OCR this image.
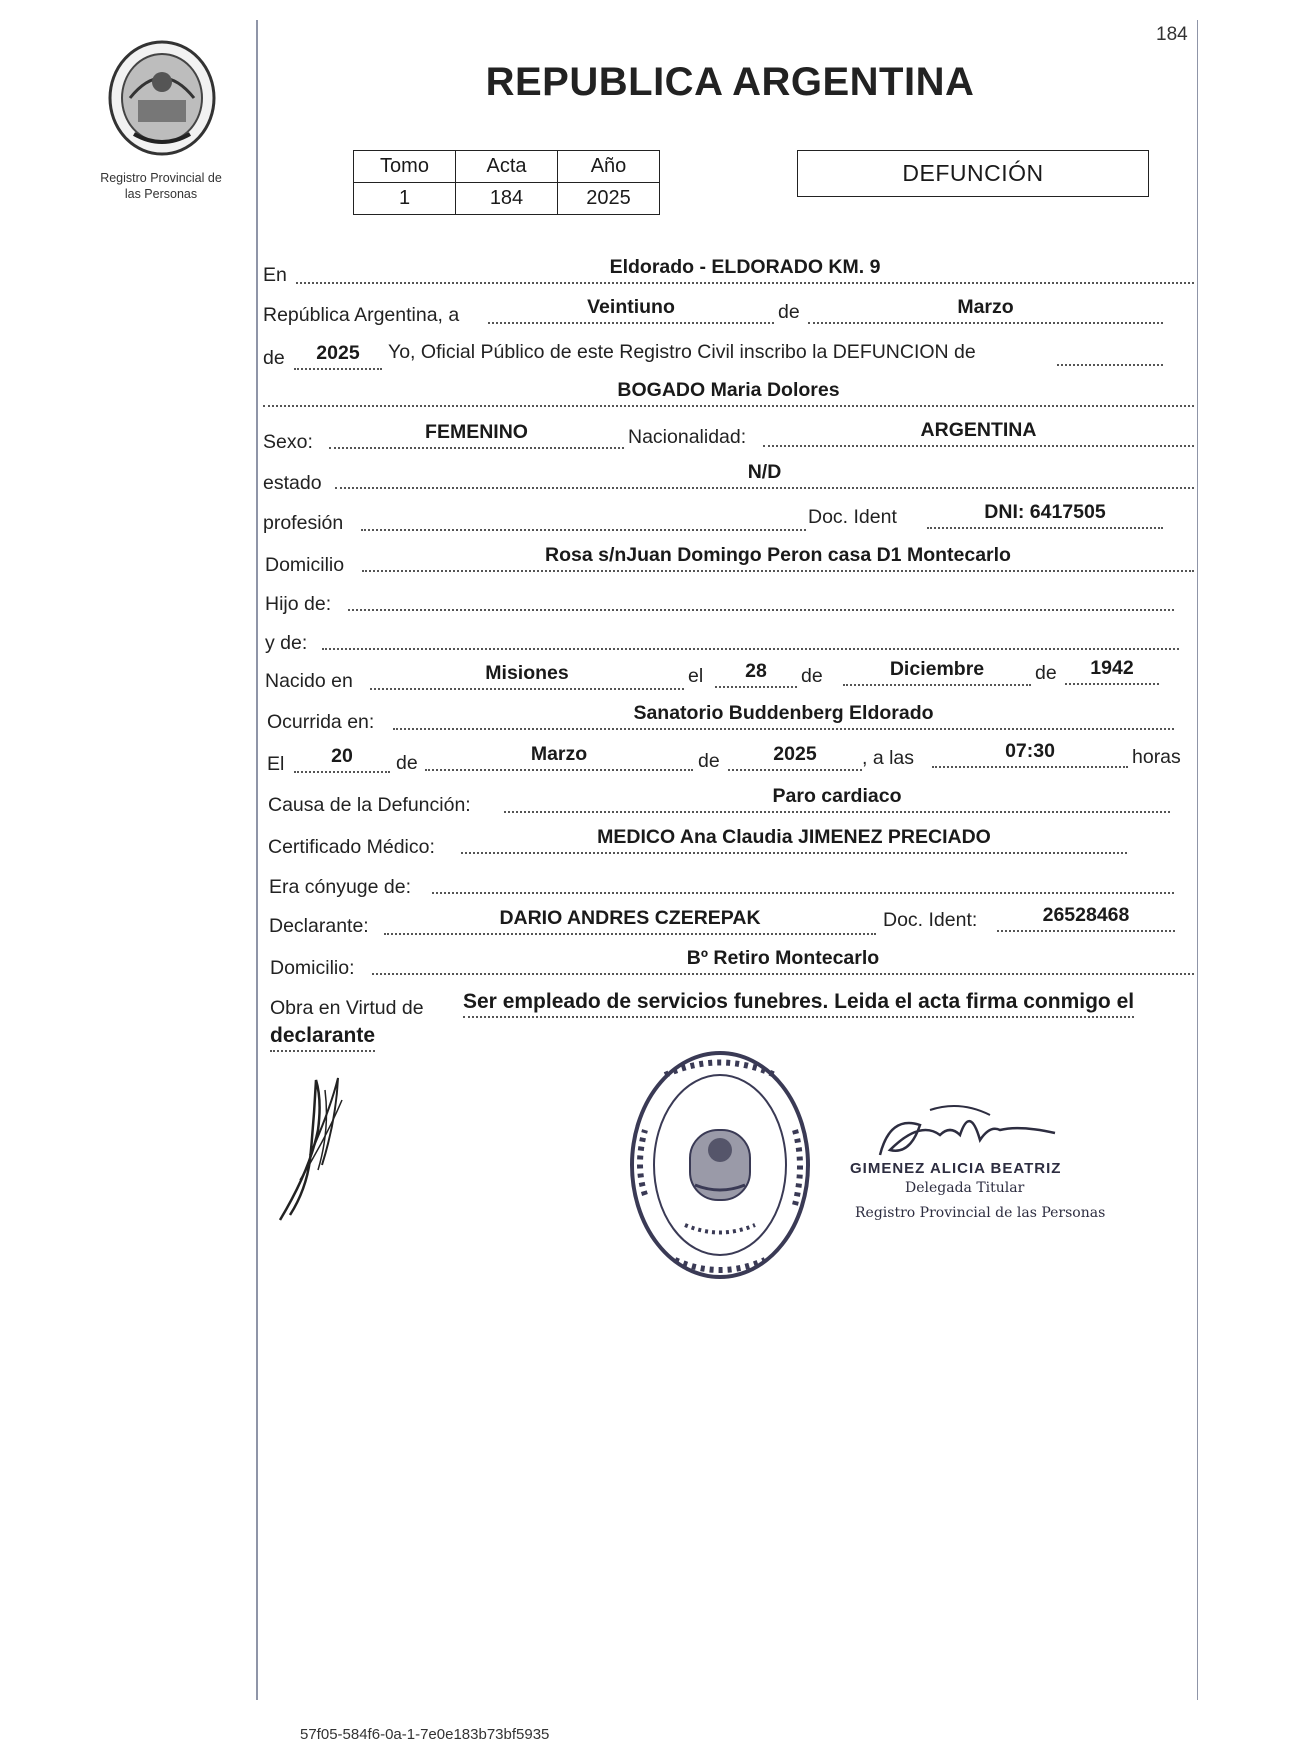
184
Registro Provincial de
las Personas
REPUBLICA ARGENTINA
Tomo	Acta	Año
1	184	2025
DEFUNCIÓN
En	Eldorado - ELDORADO KM. 9
República Argentina, a	Veintiuno	de	Marzo
de	2025	Yo, Oficial Público de este Registro Civil inscribo la DEFUNCION de
BOGADO Maria Dolores
Sexo:	FEMENINO	Nacionalidad:	ARGENTINA
estado	N/D
profesión	Doc. Ident	DNI: 6417505
Domicilio	Rosa s/nJuan Domingo Peron casa D1 Montecarlo
Hijo de:
y de:
Nacido en	Misiones	el	28	de	Diciembre	de	1942
Ocurrida en:	Sanatorio Buddenberg Eldorado
El	20	de	Marzo	de	2025	, a las	07:30	horas
Causa de la Defunción:	Paro cardiaco
Certificado Médico:	MEDICO Ana Claudia JIMENEZ PRECIADO
Era cónyuge de:
Declarante:	DARIO ANDRES CZEREPAK	Doc. Ident:	26528468
Domicilio:	Bº Retiro Montecarlo
Obra en Virtud de Ser empleado de servicios funebres. Leida el acta firma conmigo el
declarante
GIMENEZ ALICIA BEATRIZ
Delegada Titular
Registro Provincial de las Personas
57f05-584f6-0a-1-7e0e183b73bf5935
